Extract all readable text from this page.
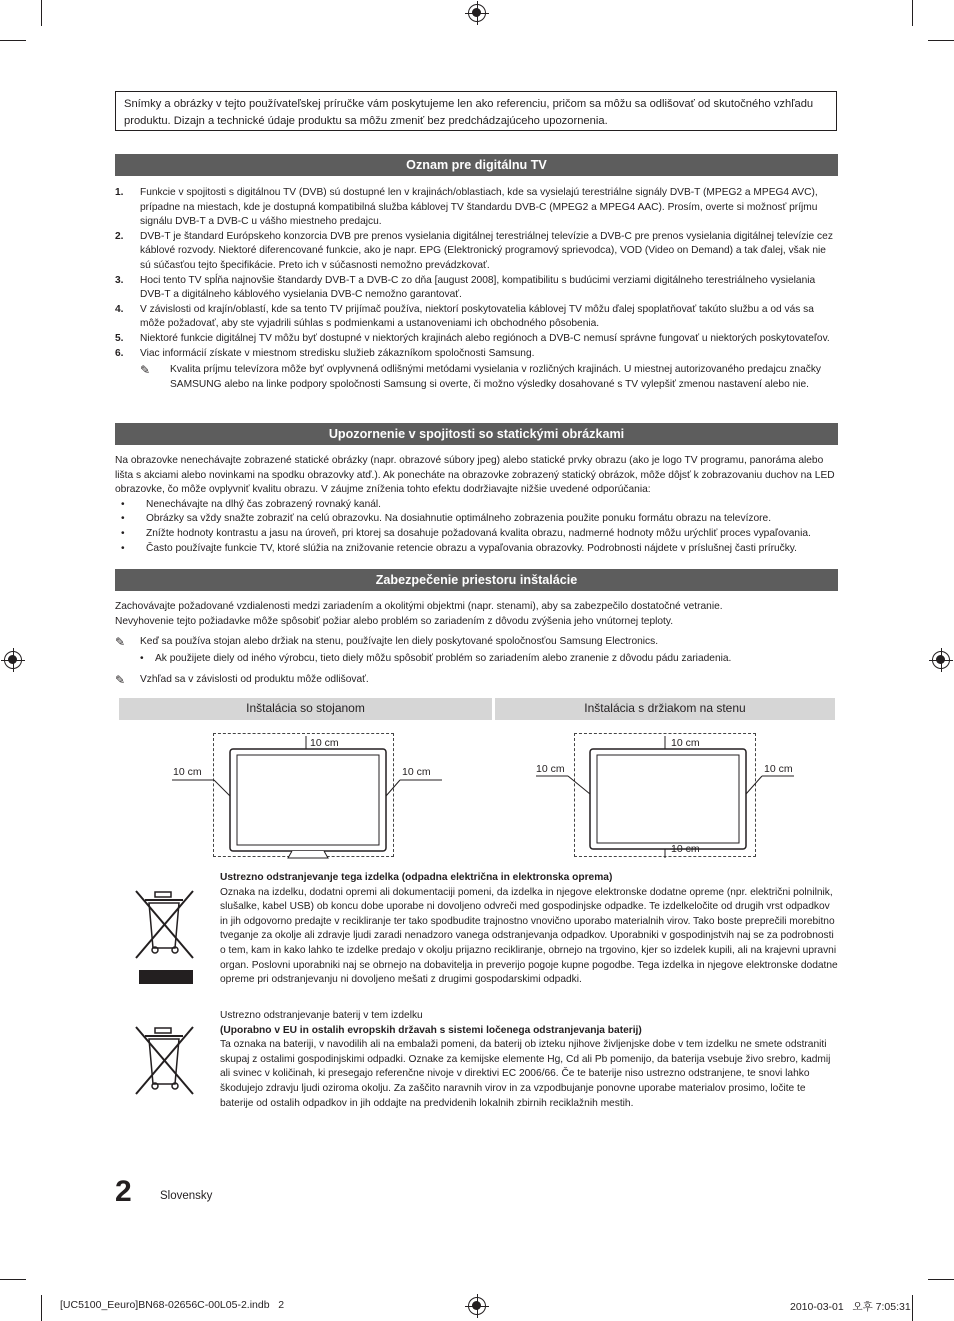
Snímky a obrázky v tejto používateľskej príručke vám poskytujeme len ako referenciu, pričom sa môžu sa odlišovať od skutočného vzhľadu produktu. Dizajn a technické údaje produktu sa môžu zmeniť bez predchádzajúceho upozornenia.
Oznam pre digitálnu TV
1.	Funkcie v spojitosti s digitálnou TV (DVB) sú dostupné len v krajinách/oblastiach, kde sa vysielajú terestriálne signály DVB-T (MPEG2 a MPEG4 AVC), prípadne na miestach, kde je dostupná kompatibilná služba káblovej TV štandardu DVB-C (MPEG2 a MPEG4 AAC). Prosím, overte si možnosť príjmu signálu DVB-T a DVB-C u vášho miestneho predajcu.
2.	DVB-T je štandard Európskeho konzorcia DVB pre prenos vysielania digitálnej terestriálnej televízie a DVB-C pre prenos vysielania digitálnej televízie cez káblové rozvody. Niektoré diferencované funkcie, ako je napr. EPG (Elektronický programový sprievodca), VOD (Video on Demand) a tak ďalej, však nie sú súčasťou tejto špecifikácie. Preto ich v súčasnosti nemožno prevádzkovať.
3.	Hoci tento TV spĺňa najnovšie štandardy DVB-T a DVB-C zo dňa [august 2008], kompatibilitu s budúcimi verziami digitálneho terestriálneho vysielania DVB-T a digitálneho káblového vysielania DVB-C nemožno garantovať.
4.	V závislosti od krajín/oblastí, kde sa tento TV prijímač používa, niektorí poskytovatelia káblovej TV môžu ďalej spoplatňovať takúto službu a od vás sa môže požadovať, aby ste vyjadrili súhlas s podmienkami a ustanoveniami ich obchodného pôsobenia.
5.	Niektoré funkcie digitálnej TV môžu byť dostupné v niektorých krajinách alebo regiónoch a DVB-C nemusí správne fungovať u niektorých poskytovateľov.
6.	Viac informácií získate v miestnom stredisku služieb zákazníkom spoločnosti Samsung.
✎	Kvalita príjmu televízora môže byť ovplyvnená odlišnými metódami vysielania v rozličných krajinách. U miestnej autorizovaného predajcu značky SAMSUNG alebo na linke podpory spoločnosti Samsung si overte, či možno výsledky dosahované s TV vylepšiť zmenou nastavení alebo nie.
Upozornenie v spojitosti so statickými obrázkami
Na obrazovke nenechávajte zobrazené statické obrázky (napr. obrazové súbory jpeg) alebo statické prvky obrazu (ako je logo TV programu, panoráma alebo lišta s akciami alebo novinkami na spodku obrazovky atď.). Ak ponecháte na obrazovke zobrazený statický obrázok, môže dôjsť k zobrazovaniu duchov na LED obrazovke, čo môže ovplyvniť kvalitu obrazu. V záujme zníženia tohto efektu dodržiavajte nižšie uvedené odporúčania:
•	Nenechávajte na dlhý čas zobrazený rovnaký kanál.
•	Obrázky sa vždy snažte zobraziť na celú obrazovku. Na dosiahnutie optimálneho zobrazenia použite ponuku formátu obrazu na televízore.
•	Znížte hodnoty kontrastu a jasu na úroveň, pri ktorej sa dosahuje požadovaná kvalita obrazu, nadmerné hodnoty môžu urýchliť proces vypaľovania.
•	Často používajte funkcie TV, ktoré slúžia na znižovanie retencie obrazu a vypaľovania obrazovky. Podrobnosti nájdete v príslušnej časti príručky.
Zabezpečenie priestoru inštalácie
Zachovávajte požadované vzdialenosti medzi zariadením a okolitými objektmi (napr. stenami), aby sa zabezpečilo dostatočné vetranie.
Nevyhovenie tejto požiadavke môže spôsobiť požiar alebo problém so zariadením z dôvodu zvýšenia jeho vnútornej teploty.
✎	Keď sa používa stojan alebo držiak na stenu, používajte len diely poskytované spoločnosťou Samsung Electronics.
•	Ak použijete diely od iného výrobcu, tieto diely môžu spôsobiť problém so zariadením alebo zranenie z dôvodu pádu zariadenia.
✎	Vzhľad sa v závislosti od produktu môže odlišovať.
Inštalácia so stojanom	Inštalácia s držiakom na stenu
10 cm
10 cm	10 cm
10 cm
10 cm	10 cm
10 cm
Ustrezno odstranjevanje tega izdelka (odpadna električna in elektronska oprema)
Oznaka na izdelku, dodatni opremi ali dokumentaciji pomeni, da izdelka in njegove elektronske dodatne opreme (npr. električni polnilnik, slušalke, kabel USB) ob koncu dobe uporabe ni dovoljeno odvreči med gospodinjske odpadke. Te izdelkeločite od drugih vrst odpadkov in jih odgovorno predajte v recikliranje ter tako spodbudite trajnostno vnovično uporabo materialnih virov. Tako boste preprečili morebitno tveganje za okolje ali zdravje ljudi zaradi nenadzoro vanega odstranjevanja odpadkov. Uporabniki v gospodinjstvih naj se za podrobnosti o tem, kam in kako lahko te izdelke predajo v okolju prijazno recikliranje, obrnejo na trgovino, kjer so izdelek kupili, ali na krajevni upravni organ. Poslovni uporabniki naj se obrnejo na dobavitelja in preverijo pogoje kupne pogodbe. Tega izdelka in njegove elektronske dodatne opreme pri odstranjevanju ni dovoljeno mešati z drugimi gospodarskimi odpadki.
Ustrezno odstranjevanje baterij v tem izdelku
(Uporabno v EU in ostalih evropskih državah s sistemi ločenega odstranjevanja baterij)
Ta oznaka na bateriji, v navodilih ali na embalaži pomeni, da baterij ob izteku njihove življenjske dobe v tem izdelku ne smete odstraniti skupaj z ostalimi gospodinjskimi odpadki. Oznake za kemijske elemente Hg, Cd ali Pb pomenijo, da baterija vsebuje živo srebro, kadmij ali svinec v količinah, ki presegajo referenčne nivoje v direktivi EC 2006/66. Če te baterije niso ustrezno odstranjene, te snovi lahko škodujejo zdravju ljudi oziroma okolju. Za zaščito naravnih virov in za vzpodbujanje ponovne uporabe materialov prosimo, ločite te baterije od ostalih odpadkov in jih oddajte na predvidenih lokalnih zbirnih reciklažnih mestih.
2 Slovensky
[UC5100_Eeuro]BN68-02656C-00L05-2.indb   2	2010-03-01   오후 7:05:31
